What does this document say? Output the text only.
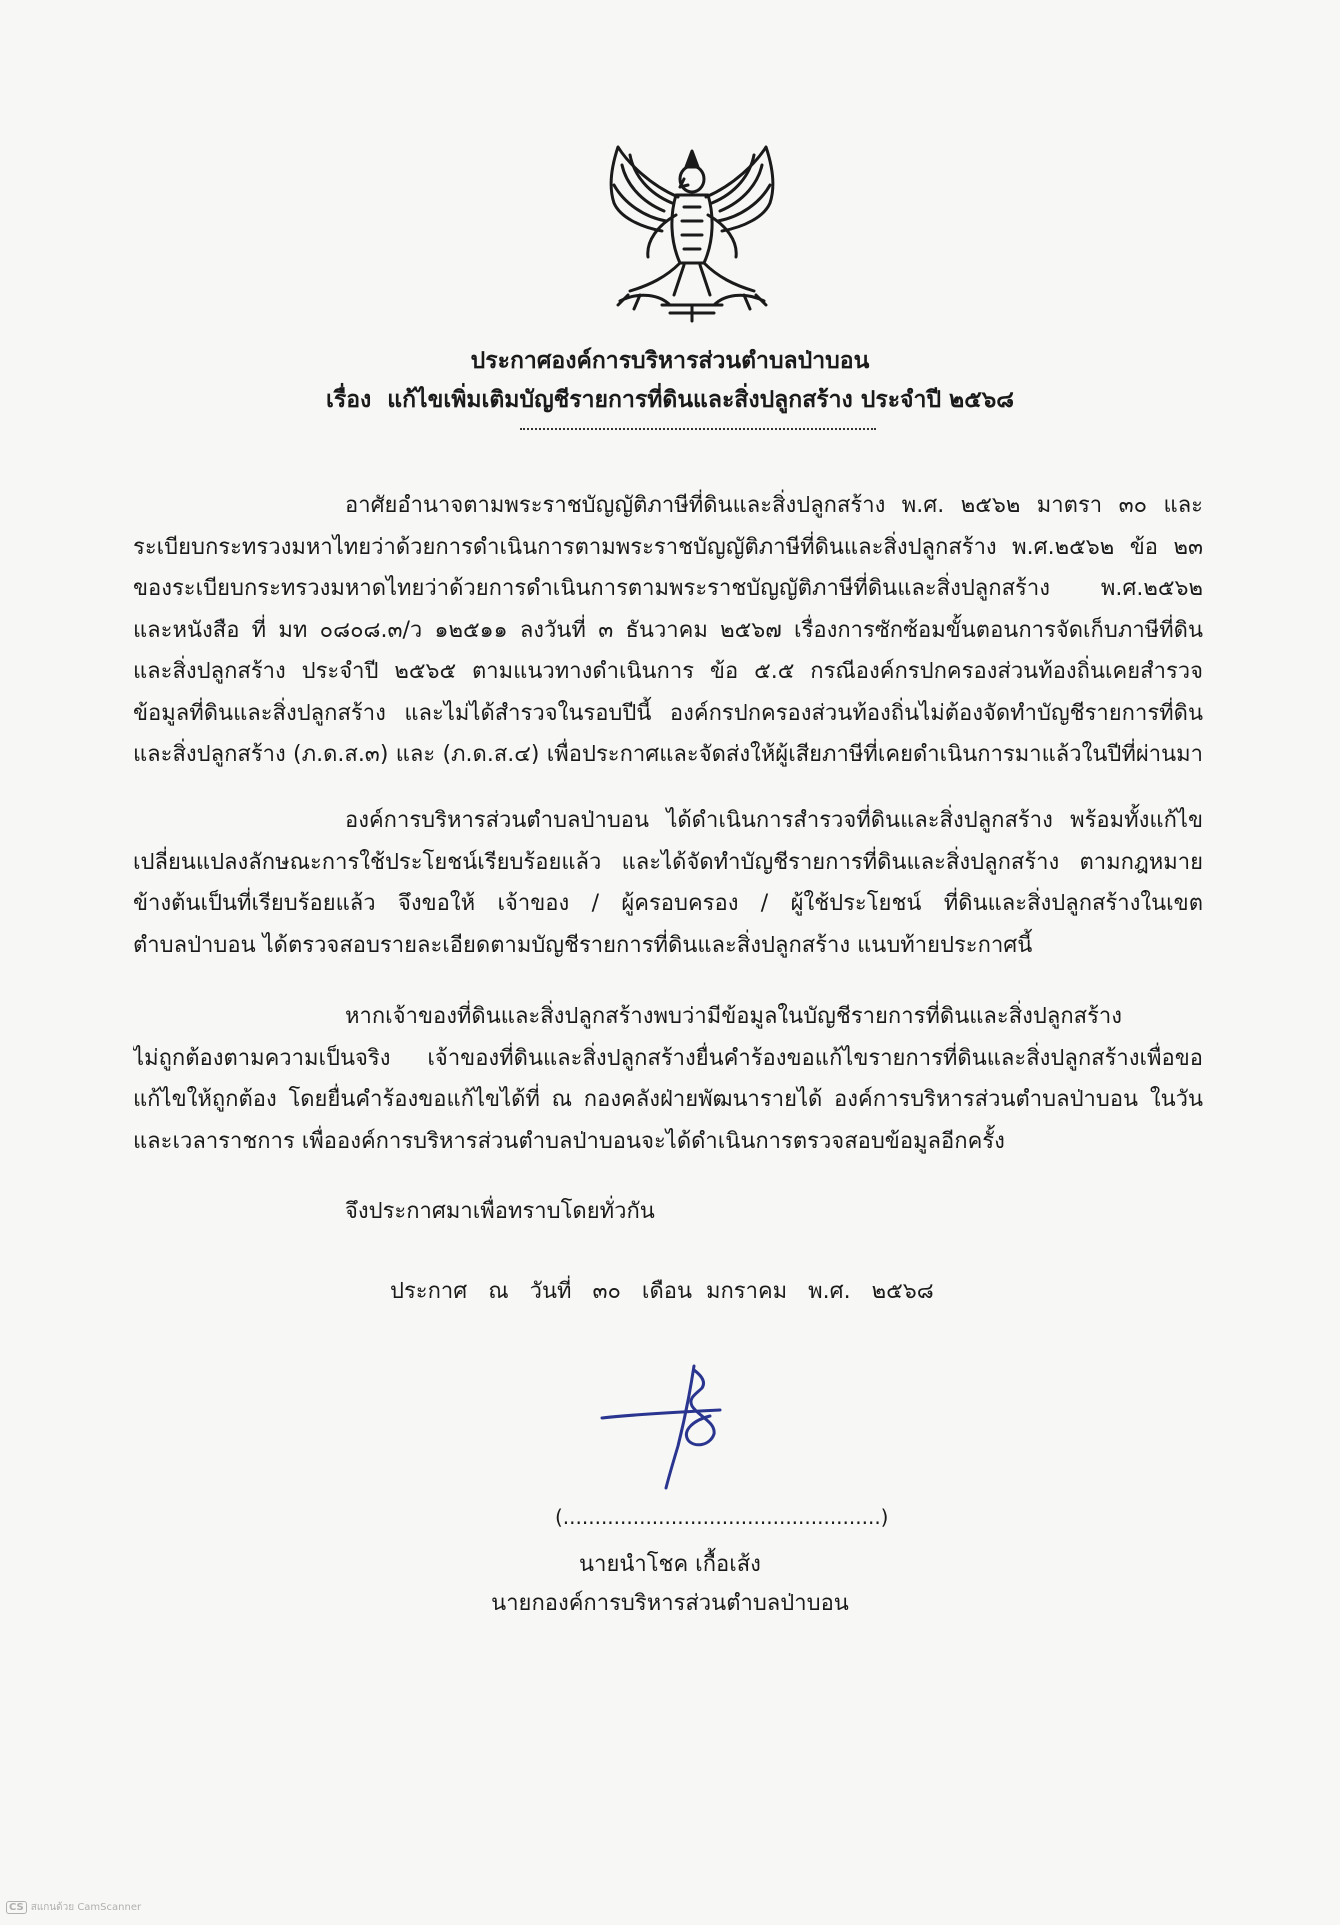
ประกาศองค์การบริหารส่วนตำบลป่าบอน
เรื่อง  แก้ไขเพิ่มเติมบัญชีรายการที่ดินและสิ่งปลูกสร้าง ประจำปี ๒๕๖๘
อาศัยอำนาจตามพระราชบัญญัติภาษีที่ดินและสิ่งปลูกสร้าง พ.ศ. ๒๕๖๒ มาตรา ๓๐ และ
ระเบียบกระทรวงมหาไทยว่าด้วยการดำเนินการตามพระราชบัญญัติภาษีที่ดินและสิ่งปลูกสร้าง พ.ศ.๒๕๖๒ ข้อ ๒๓
ของระเบียบกระทรวงมหาดไทยว่าด้วยการดำเนินการตามพระราชบัญญัติภาษีที่ดินและสิ่งปลูกสร้าง พ.ศ.๒๕๖๒
และหนังสือ ที่ มท ๐๘๐๘.๓/ว ๑๒๕๑๑ ลงวันที่ ๓ ธันวาคม ๒๕๖๗ เรื่องการซักซ้อมขั้นตอนการจัดเก็บภาษีที่ดิน
และสิ่งปลูกสร้าง ประจำปี ๒๕๖๕ ตามแนวทางดำเนินการ ข้อ ๕.๕ กรณีองค์กรปกครองส่วนท้องถิ่นเคยสำรวจ
ข้อมูลที่ดินและสิ่งปลูกสร้าง และไม่ได้สำรวจในรอบปีนี้ องค์กรปกครองส่วนท้องถิ่นไม่ต้องจัดทำบัญชีรายการที่ดิน
และสิ่งปลูกสร้าง (ภ.ด.ส.๓) และ (ภ.ด.ส.๔) เพื่อประกาศและจัดส่งให้ผู้เสียภาษีที่เคยดำเนินการมาแล้วในปีที่ผ่านมา
องค์การบริหารส่วนตำบลป่าบอน ได้ดำเนินการสำรวจที่ดินและสิ่งปลูกสร้าง พร้อมทั้งแก้ไข
เปลี่ยนแปลงลักษณะการใช้ประโยชน์เรียบร้อยแล้ว และได้จัดทำบัญชีรายการที่ดินและสิ่งปลูกสร้าง ตามกฎหมาย
ข้างต้นเป็นที่เรียบร้อยแล้ว จึงขอให้ เจ้าของ / ผู้ครอบครอง / ผู้ใช้ประโยชน์ ที่ดินและสิ่งปลูกสร้างในเขต
ตำบลป่าบอน ได้ตรวจสอบรายละเอียดตามบัญชีรายการที่ดินและสิ่งปลูกสร้าง แนบท้ายประกาศนี้
หากเจ้าของที่ดินและสิ่งปลูกสร้างพบว่ามีข้อมูลในบัญชีรายการที่ดินและสิ่งปลูกสร้าง
ไม่ถูกต้องตามความเป็นจริง เจ้าของที่ดินและสิ่งปลูกสร้างยื่นคำร้องขอแก้ไขรายการที่ดินและสิ่งปลูกสร้างเพื่อขอ
แก้ไขให้ถูกต้อง โดยยื่นคำร้องขอแก้ไขได้ที่ ณ กองคลังฝ่ายพัฒนารายได้ องค์การบริหารส่วนตำบลป่าบอน ในวัน
และเวลาราชการ เพื่อองค์การบริหารส่วนตำบลป่าบอนจะได้ดำเนินการตรวจสอบข้อมูลอีกครั้ง
จึงประกาศมาเพื่อทราบโดยทั่วกัน
ประกาศ   ณ   วันที่   ๓๐   เดือน  มกราคม   พ.ศ.   ๒๕๖๘
(..................................................)
นายนำโชค เกื้อเส้ง
นายกองค์การบริหารส่วนตำบลป่าบอน
CS สแกนด้วย CamScanner
